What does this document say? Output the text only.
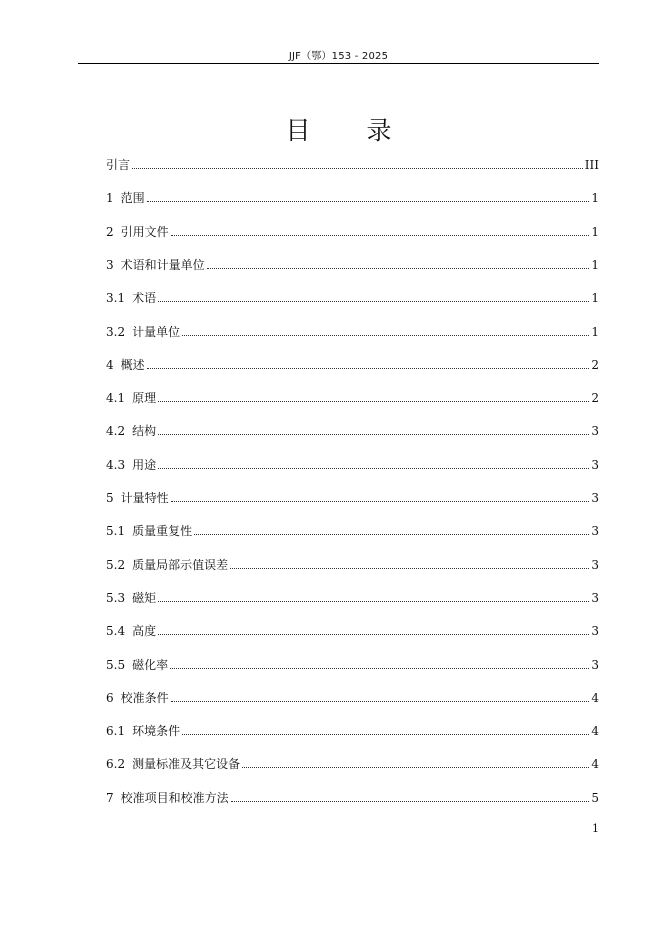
JJF（鄂）153 - 2025
目 录
引言	III
1 范围	1
2 引用文件	1
3 术语和计量单位	1
3.1 术语	1
3.2 计量单位	1
4 概述	2
4.1 原理	2
4.2 结构	3
4.3 用途	3
5 计量特性	3
5.1 质量重复性	3
5.2 质量局部示值误差	3
5.3 磁矩	3
5.4 高度	3
5.5 磁化率	3
6 校准条件	4
6.1 环境条件	4
6.2 测量标准及其它设备	4
7 校准项目和校准方法	5
1
